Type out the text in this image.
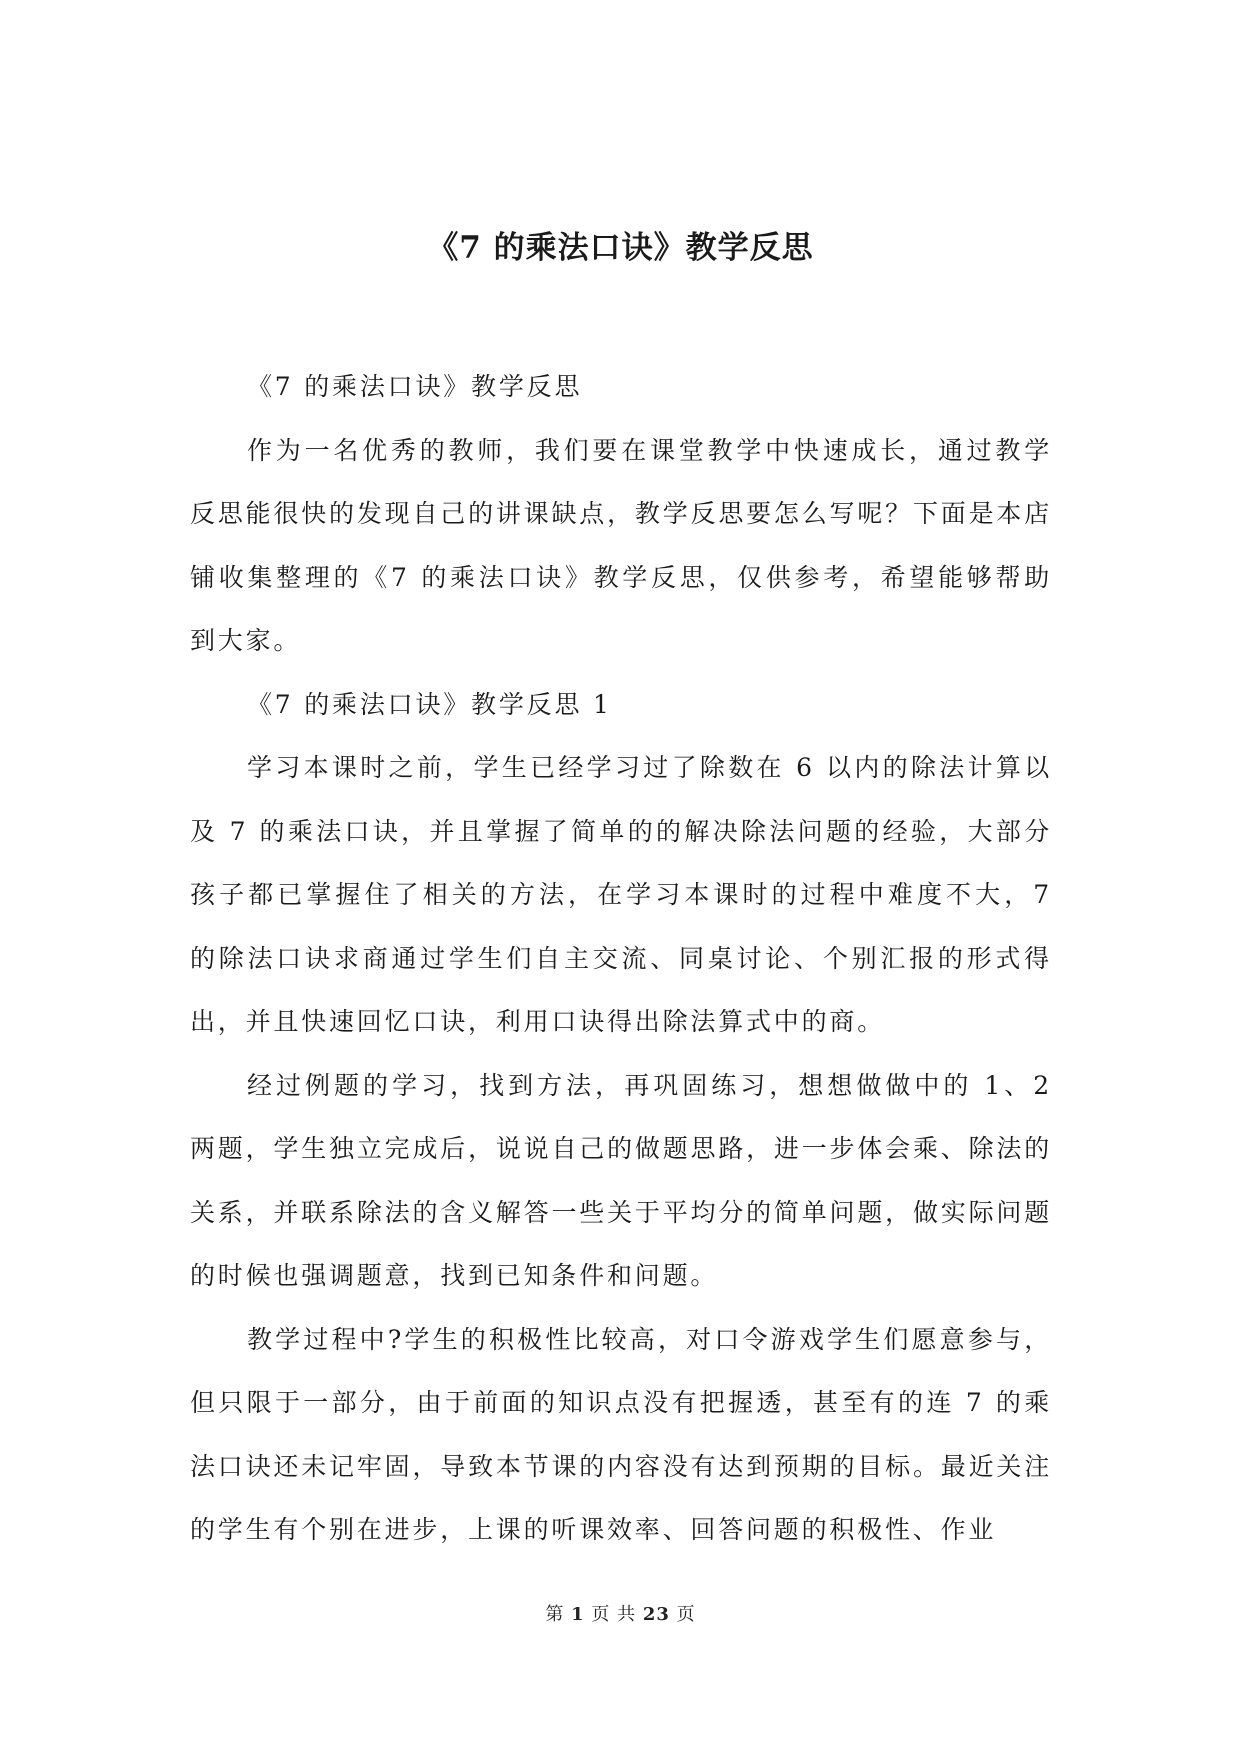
《7 的乘法口诀》教学反思

《7 的乘法口诀》教学反思

作为一名优秀的教师，我们要在课堂教学中快速成长，通过教学反思能很快的发现自己的讲课缺点，教学反思要怎么写呢？下面是本店铺收集整理的《7 的乘法口诀》教学反思，仅供参考，希望能够帮助到大家。

《7 的乘法口诀》教学反思 1

学习本课时之前，学生已经学习过了除数在 6 以内的除法计算以及 7 的乘法口诀，并且掌握了简单的的解决除法问题的经验，大部分孩子都已掌握住了相关的方法，在学习本课时的过程中难度不大，7 的除法口诀求商通过学生们自主交流、同桌讨论、个别汇报的形式得出，并且快速回忆口诀，利用口诀得出除法算式中的商。

经过例题的学习，找到方法，再巩固练习，想想做做中的 1、2 两题，学生独立完成后，说说自己的做题思路，进一步体会乘、除法的关系，并联系除法的含义解答一些关于平均分的简单问题，做实际问题的时候也强调题意，找到已知条件和问题。

教学过程中?学生的积极性比较高，对口令游戏学生们愿意参与，但只限于一部分，由于前面的知识点没有把握透，甚至有的连 7 的乘法口诀还未记牢固，导致本节课的内容没有达到预期的目标。最近关注的学生有个别在进步，上课的听课效率、回答问题的积极性、作业

第 1 页 共 23 页
